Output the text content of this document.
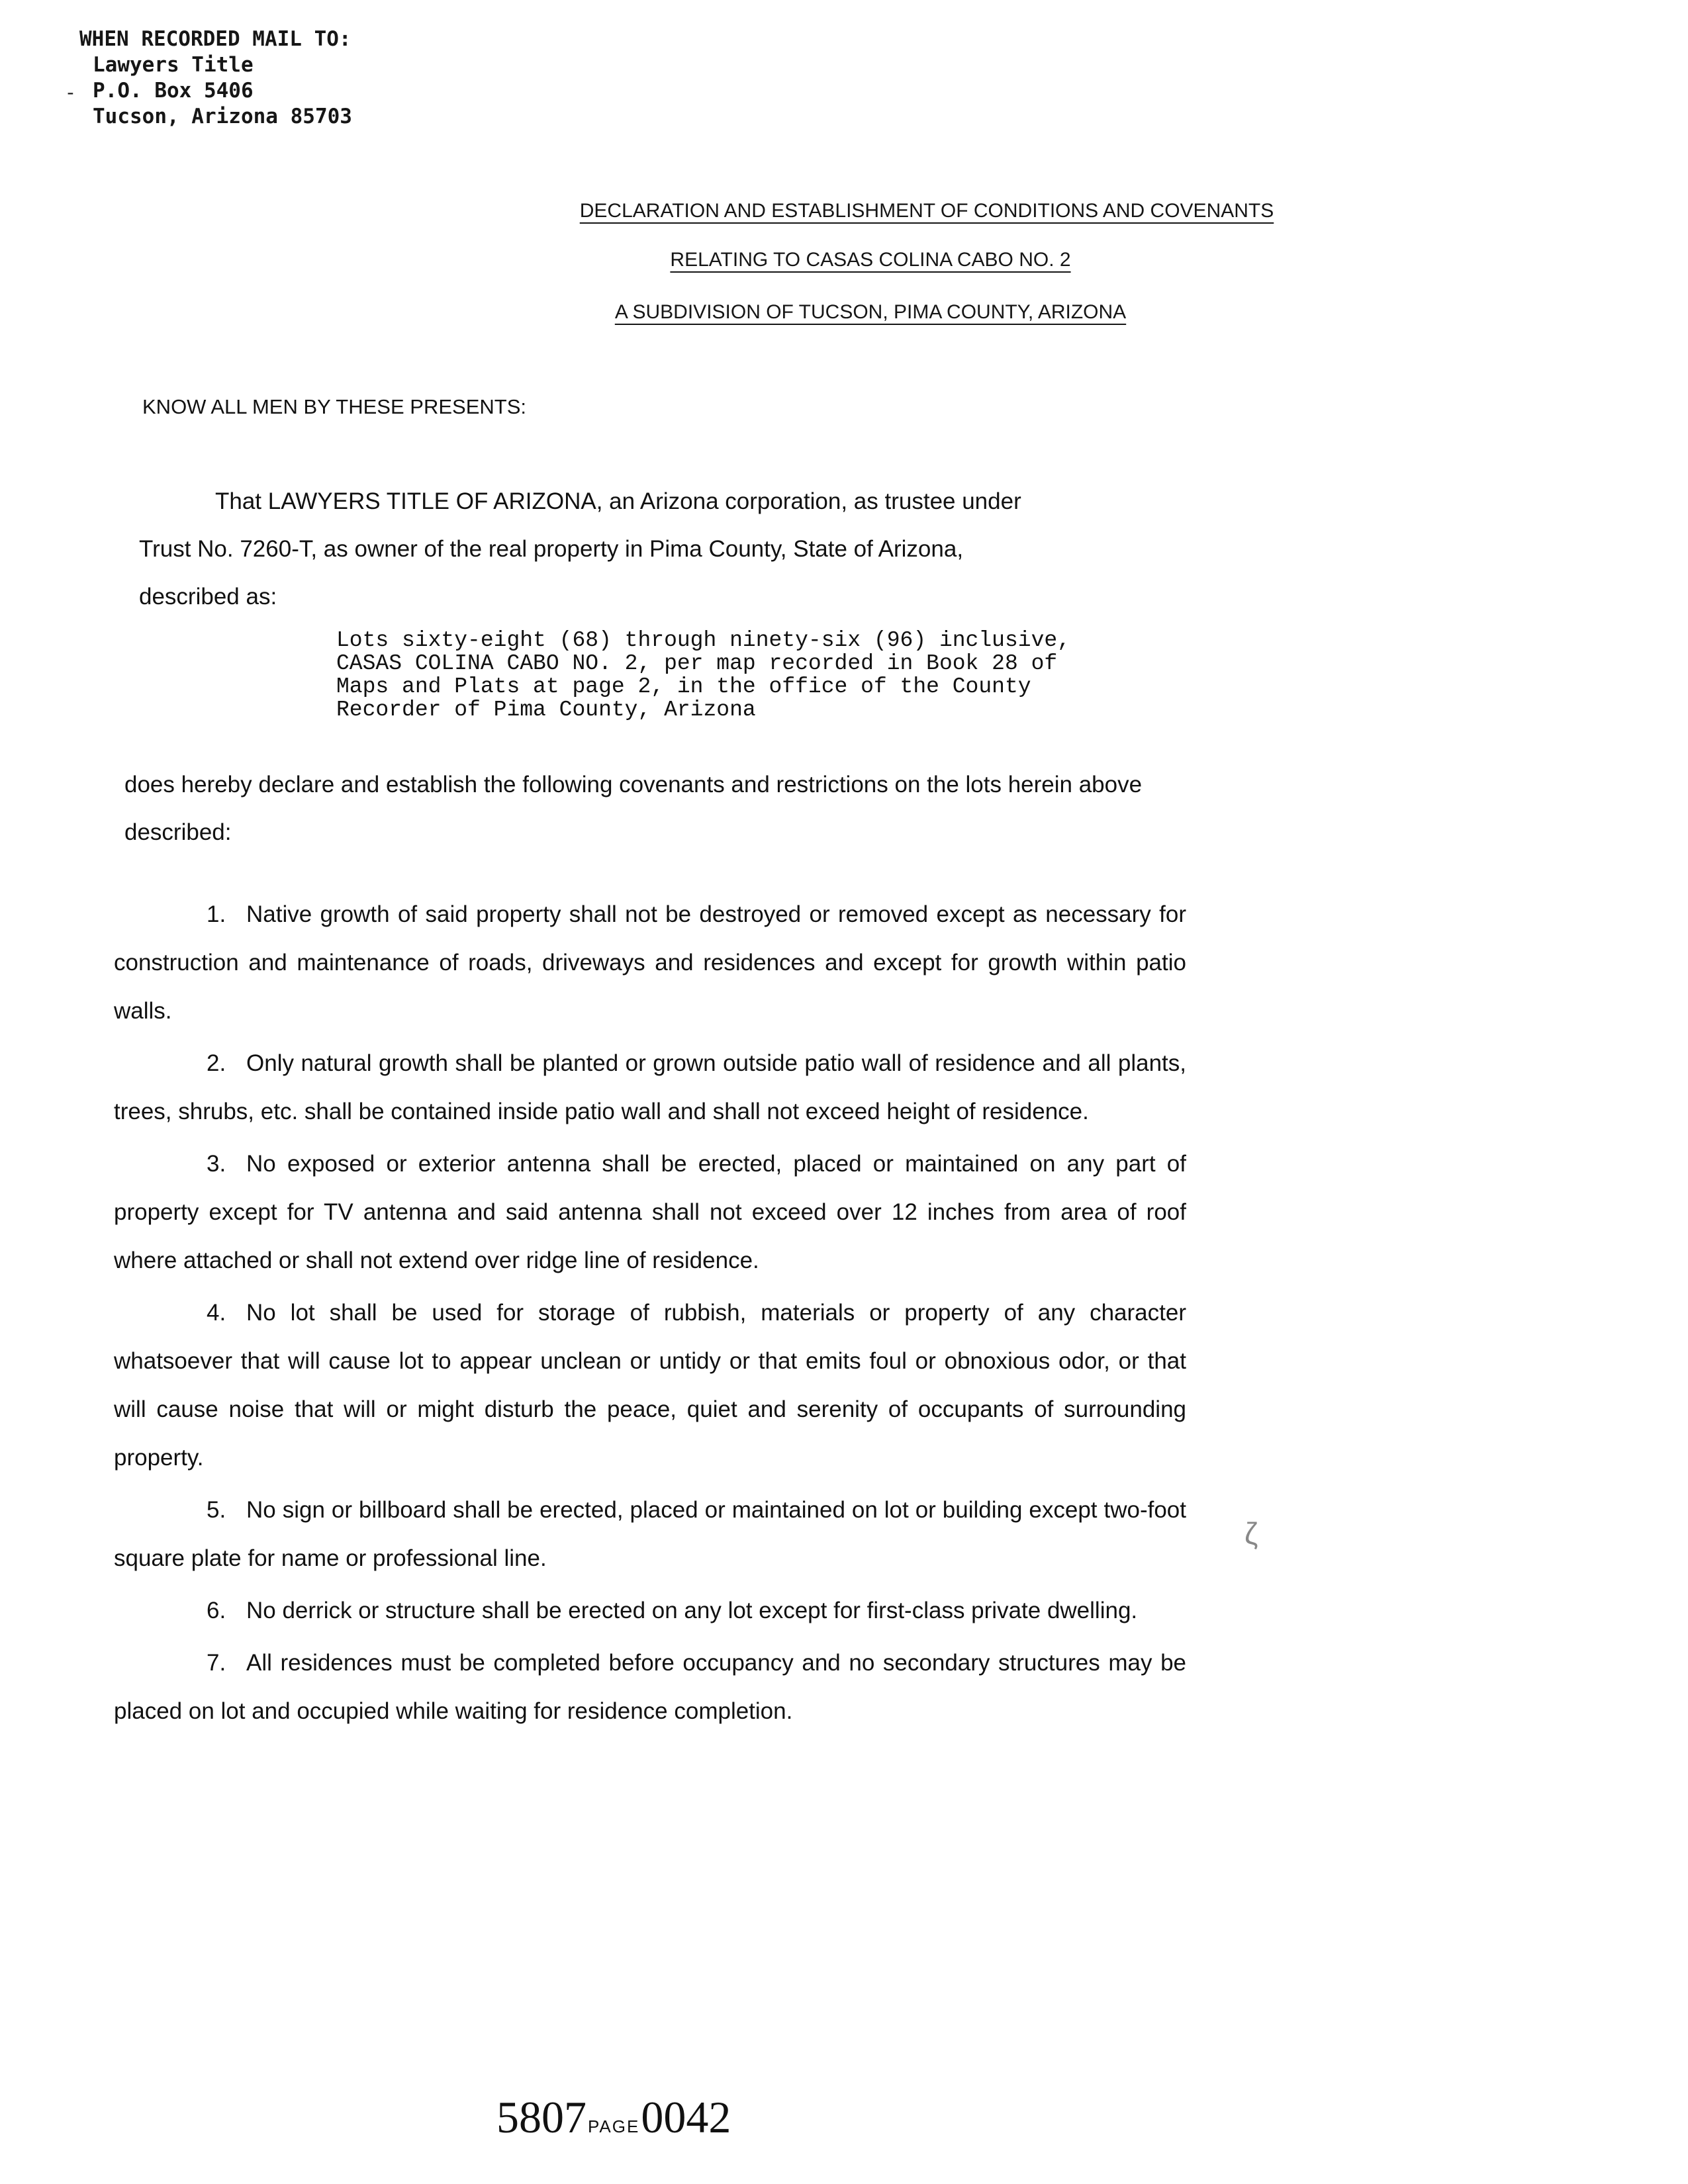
-
WHEN RECORDED MAIL TO:
Lawyers Title
P.O. Box 5406
Tucson, Arizona 85703
DECLARATION AND ESTABLISHMENT OF CONDITIONS AND COVENANTS
RELATING TO CASAS COLINA CABO NO. 2
A SUBDIVISION OF TUCSON, PIMA COUNTY, ARIZONA
KNOW ALL MEN BY THESE PRESENTS:

That LAWYERS TITLE OF ARIZONA, an Arizona corporation, as trustee under

Trust No. 7260-T, as owner of the real property in Pima County, State of Arizona,

described as:

Lots sixty-eight (68) through ninety-six (96) inclusive,
CASAS COLINA CABO NO. 2, per map recorded in Book 28 of
Maps and Plats at page 2, in the office of the County
Recorder of Pima County, Arizona
does hereby declare and establish the following covenants and restrictions on the lots herein above described:
1. Native growth of said property shall not be destroyed or removed except as necessary for construction and maintenance of roads, driveways and residences and except for growth within patio walls.
2. Only natural growth shall be planted or grown outside patio wall of residence and all plants, trees, shrubs, etc. shall be contained inside patio wall and shall not exceed height of residence.
3. No exposed or exterior antenna shall be erected, placed or maintained on any part of property except for TV antenna and said antenna shall not exceed over 12 inches from area of roof where attached or shall not extend over ridge line of residence.
4. No lot shall be used for storage of rubbish, materials or property of any character whatsoever that will cause lot to appear unclean or untidy or that emits foul or obnoxious odor, or that will cause noise that will or might disturb the peace, quiet and serenity of occupants of surrounding property.
5. No sign or billboard shall be erected, placed or maintained on lot or building except two-foot square plate for name or professional line.
6. No derrick or structure shall be erected on any lot except for first-class private dwelling.
7. All residences must be completed before occupancy and no secondary structures may be placed on lot and occupied while waiting for residence completion.
ζ
5807PAGE0042
